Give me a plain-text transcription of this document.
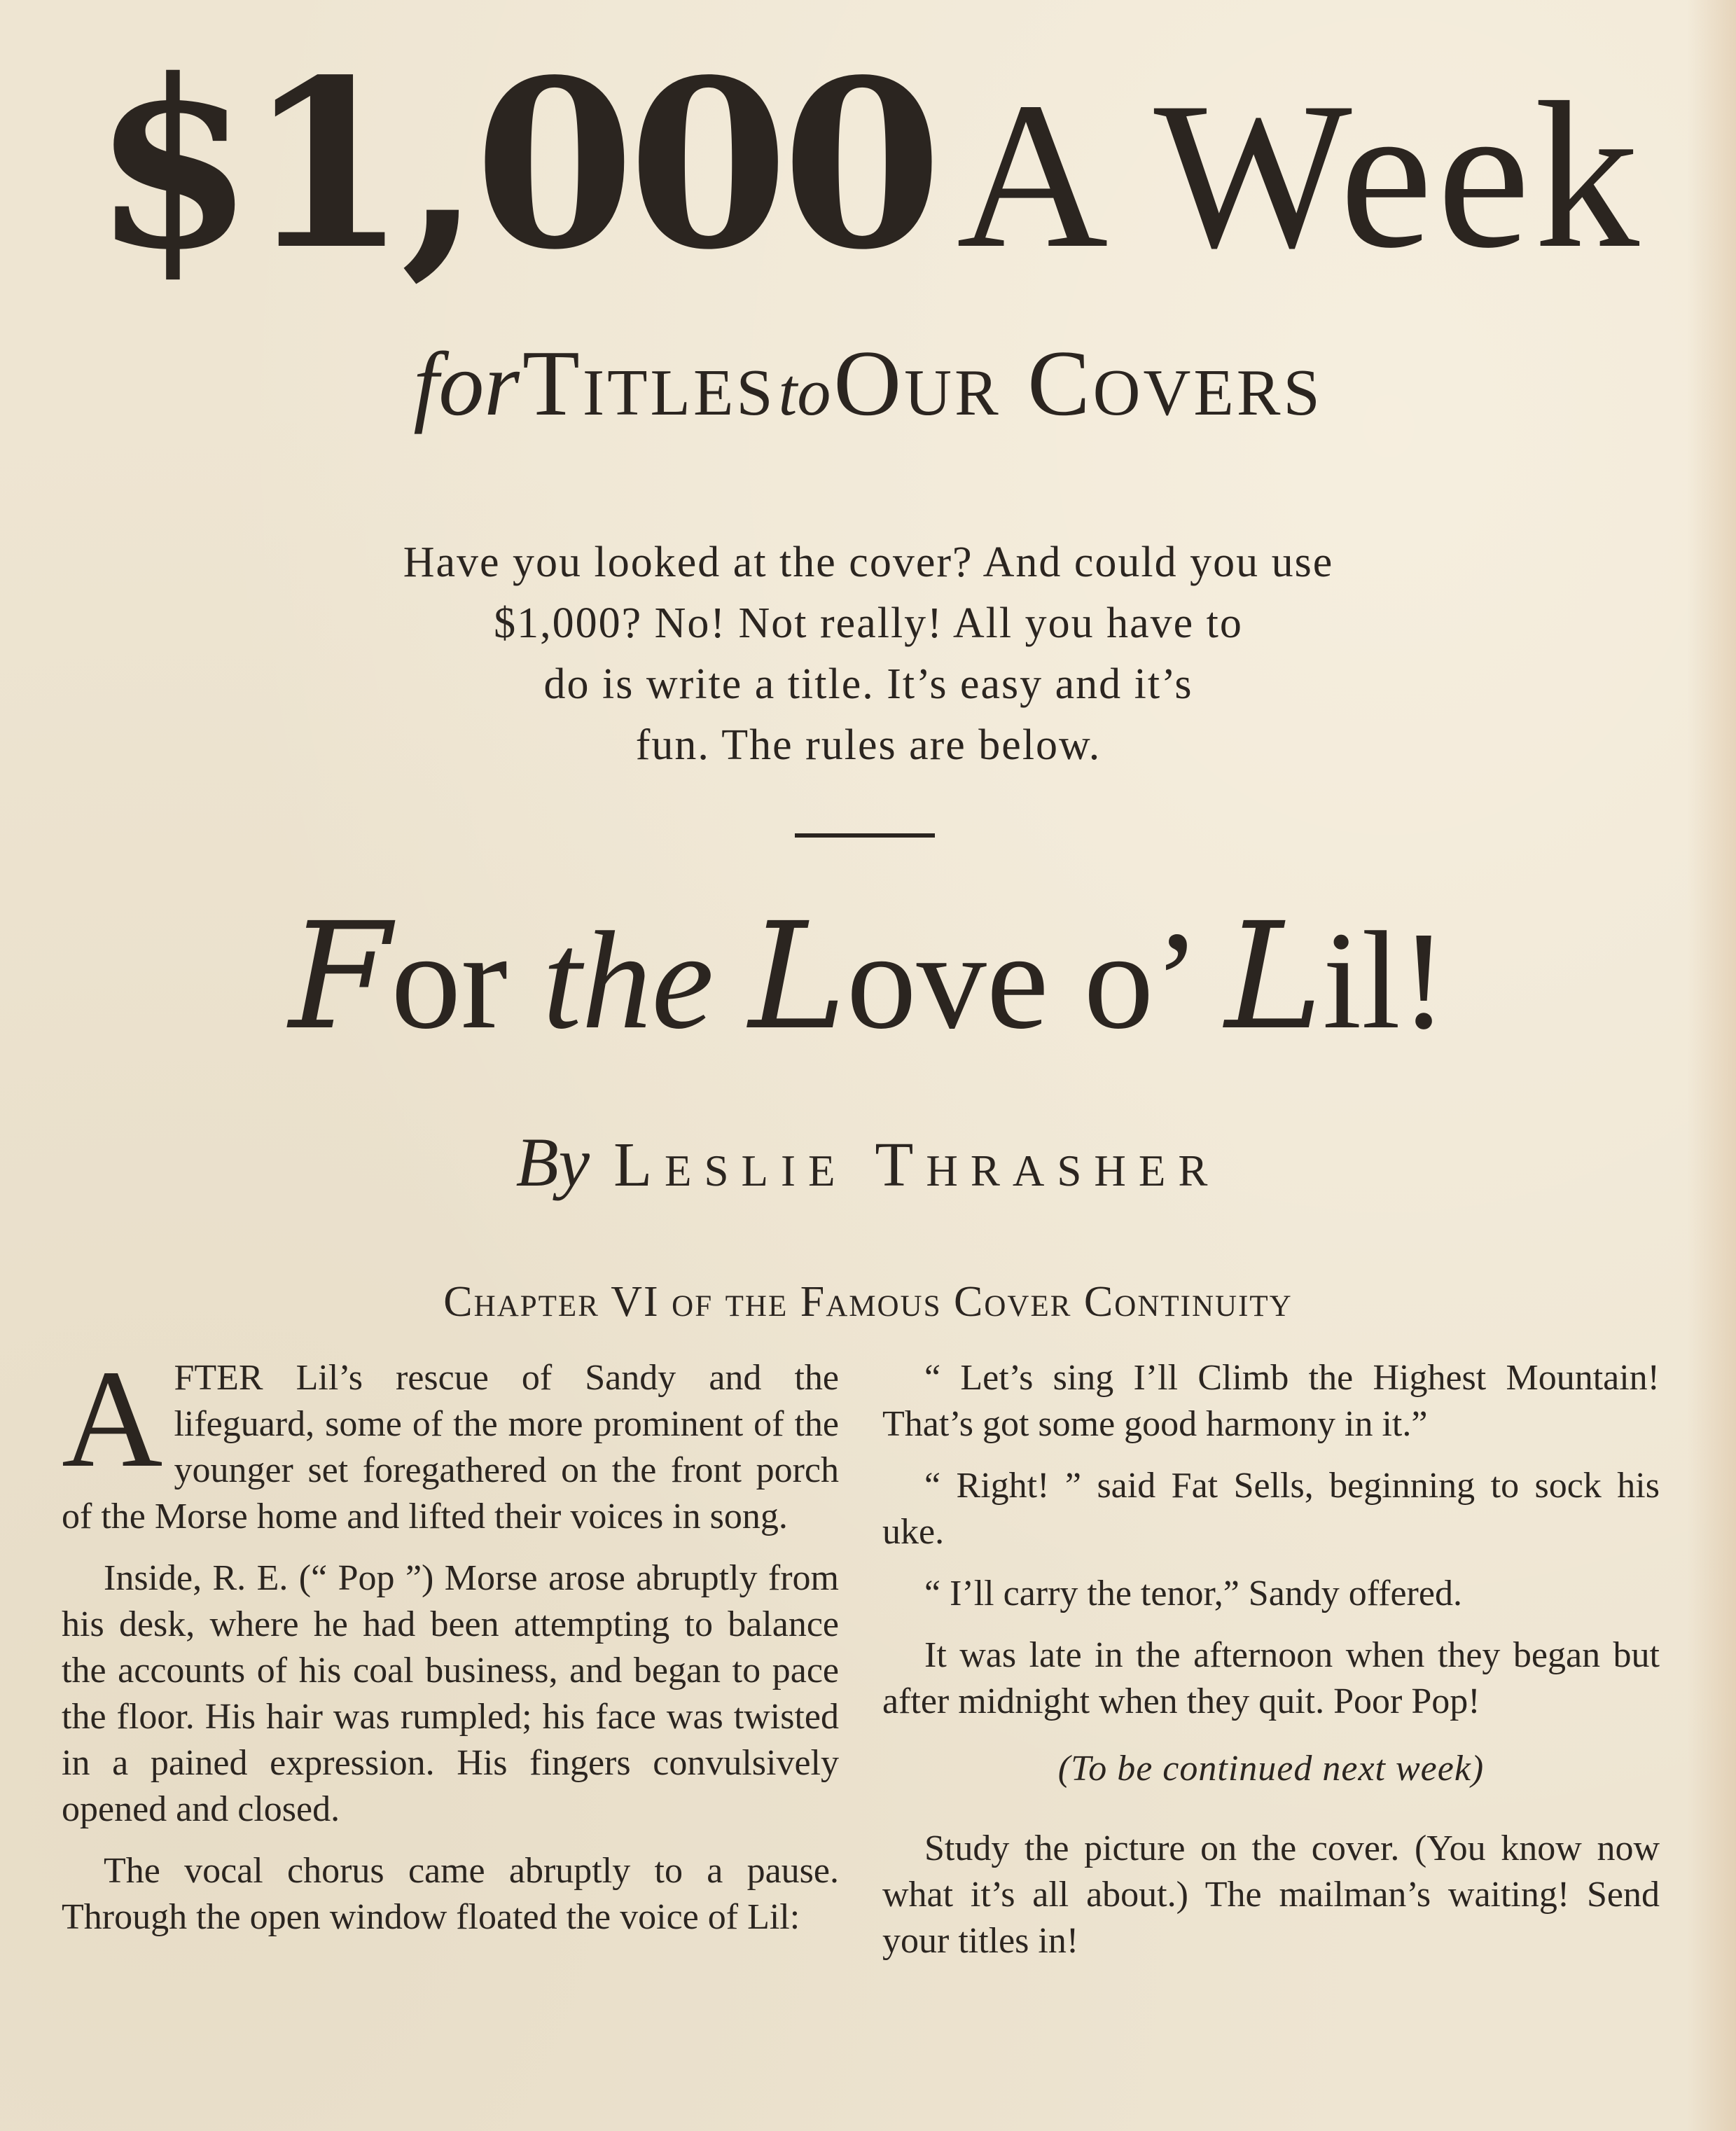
$1,000 A Week
for Titles to Our Covers

Have you looked at the cover? And could you use

$1,000? No! Not really! All you have to

do is write a title. It’s easy and it’s

fun. The rules are below.

For the Love o’ Lil!
By Leslie Thrasher
Chapter VI of the Famous Cover Continuity

AFTER Lil’s rescue of Sandy and the lifeguard, some of the more prominent of the younger set foregathered on the front porch of the Morse home and lifted their voices in song.

Inside, R. E. (“ Pop ”) Morse arose abruptly from his desk, where he had been attempting to balance the accounts of his coal business, and began to pace the floor. His hair was rumpled; his face was twisted in a pained expression. His fingers convulsively opened and closed.

The vocal chorus came abruptly to a pause. Through the open window floated the voice of Lil:

“ Let’s sing I’ll Climb the Highest Mountain! That’s got some good harmony in it.”

“ Right! ” said Fat Sells, beginning to sock his uke.

“ I’ll carry the tenor,” Sandy offered.

It was late in the afternoon when they began but after midnight when they quit. Poor Pop!

(To be continued next week)

Study the picture on the cover. (You know now what it’s all about.) The mailman’s waiting! Send your titles in!
